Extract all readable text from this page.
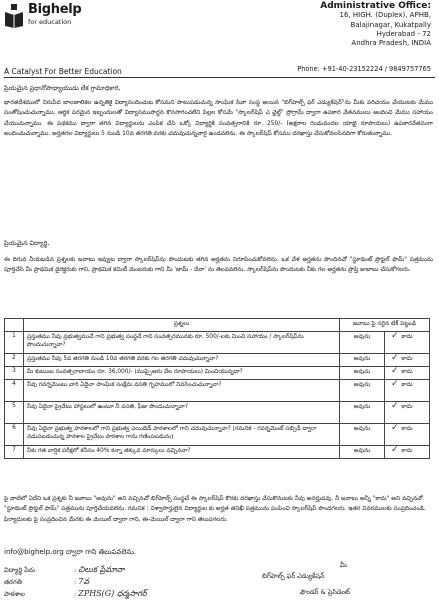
Bighelp
for education
A Catalyst For Better Education
Administrative Office:
16, HIGH. (Duplex), APHB,
Balajinagar, Kukatpally
Hyderabad - 72
Andhra Pradesh, INDIA
Phone: +91-40-23152224 / 9849757765
ప్రియమైన ప్రధానోపాధ్యాయుడు లేక గ్రామాధికారి,
భారతదేశములో నిరుపేద బాలబాలికల ఉన్నతికై విద్యానందించుట కోసమని పాటుపడుచున్న సాంఘిక సేవా సంస్థ అయిన "బిగ్‌హెల్ప్ ఫర్ ఎడ్యుకేషన్"ను మీకు పరిచయం చేయుటకు మేము సంతోషించుచున్నాము. ఆర్థిక పరమైన ఇబ్బందులతో విద్యాసముపార్జన కొనసాగించలేని పిల్లల కోసమే "స్కాలర్‌షిప్ ఎ ఛైల్డ్" ప్రోగ్రామ్ ద్వారా ఉపకార వేతనములు అందించి మేము సహాయం చేయుచున్నాము. ఈ పథకము ద్వారా తగిన విద్యార్థులను ఎంపిక చేసి ఒక్కో విద్యార్థికి సంవత్సరానికి రూ. 250/- (అక్షరాల రెండువందల యాభై రూపాయలు) ఉపకారవేతనంగా అందించుచున్నాము. అర్హతగల విద్యార్థులు 5 నుండి 10వ తరగతి వరకు చదువుచున్నవారై ఉండవలెను. ఈ స్కాలర్‌షిప్ కోసము దరఖాస్తు చేసుకోవలసినదిగా కోరుతున్నాము.
ప్రియమైన విద్యార్థి,
ఈ దిగువ నీయబడిన ప్రశ్నలకు జవాబు ఇవ్వుట ద్వారా స్కాలర్‌షిప్‌ను పొందుటకు తగిన అర్హతను నిరూపించుకోవలెను. ఒక వేళ అర్హతను పొందినచో "స్టూడెంట్ ప్రొఫైల్ ఫామ్" పత్రమును పూర్తిచేసి మీ ప్రాథమిక డైరెక్టరుకు గాని, ప్రాథమిక కమిటీ మెంబరుకు గాని మీ 'జామ్ - దేవా' ను తెలపవలెను. స్కాలర్‌షిప్‌ను పొందుటకు నీకు గల అర్హతను ప్రాప్తి జుబాబు చేసుకోగలరు.
	ప్రశ్నలు	జవాబు పై సరైన టిక్ పెట్టండి	
1	ప్రస్తుతము నీవు ప్రభుత్వముచే గాని ప్రభుత్వ సంస్థచే గాని సంవత్సరమునకు రూ. 500/-లకు మించి సహాయం / స్కాలర్‌షిప్‌ను పొందుచున్నావా?	అవును	✓ కాదు
2	ప్రస్తుతము నీవు 5వ తరగతి నుండి 10వ తరగతి వరకు గల తరగతి చదువుచున్నావా?	అవును	✓ కాదు
3	మీ కుటుంబ సంవత్సరాదాయం రూ. 36,000/- (ముప్పైఆరు వేల రూపాయలు) మించియున్నదా?	అవును	✓ కాదు
4	నీవు గవర్నమెంటు వారి ఏదైనా సాంఘిక సంక్షేమ వసతి గృహములో నివసించుచున్నావా?	అవును	✓ కాదు
5	నీవు ఏదైనా ప్రైవేటు హాస్టలులో ఉంటూ నీ వసతి, ఫీజు పొందుచున్నావా?	అవును	✓ కాదు
6	నీవు ఏదైనా ప్రభుత్వ పాఠశాలలో గాని ప్రభుత్వ ఎయిడెడ్ పాఠశాలలో గాని చదువుచున్నావా? (గమనిక - గవర్నమెంట్ సబ్సిడీ ద్వారా నడుపబడుచున్న పాఠశాల ప్రైవేటు పాఠశాల గాను గణింపబడును)	అవును	✓ కాదు
7	నీకు గత వార్షిక పరీక్షలో కనీసం 40% కన్నా తక్కువ మార్కులు వచ్చినవా?	అవును	✓ కాదు
పై వాటిలో ఏదేని ఒక ప్రశ్నకు నీ జవాబు "అవును" అని వచ్చినచో బిగ్‌హెల్ప్ సంస్థచే ఈ స్కాలర్‌షిప్ కొరకు దరఖాస్తు చేసుకొనుటకు నీవు అనర్హుడవు. నీ జవాబు అన్నీ "కాదు" అని వచ్చినచో "స్టూడెంట్ ప్రొఫైల్ ఫామ్" పత్రమును పూర్తిచేయవలెను. గమనిక : విశ్వాసార్హులైన విద్యార్థుల కు అర్హత తనిఖీ పత్రమును పంపించి స్కాలర్‌షిప్ పొందగలరు. ఇతర వివరములకు సంప్రదించండి. ఫిర్యాదులకు పై సంప్రదించిన మేరకు ఈ మెయిల్ ద్వారా గాని, ఈ-మెయిల్ ద్వారా గాని తెలుపగలరు.
info@bighelp.org ద్వారా గాని తెలుపవలెను.
విద్యార్థి పేరు	: చిలుక ప్రేమానా
తరగతి	: 7వ
పాఠశాల	: ZPHS(G) ధర్మసాగర్
మీ
బిగ్‌హెల్ప్ ఫర్ ఎడ్యుకేషన్
ఫౌండర్ & ప్రెసిడెంట్
